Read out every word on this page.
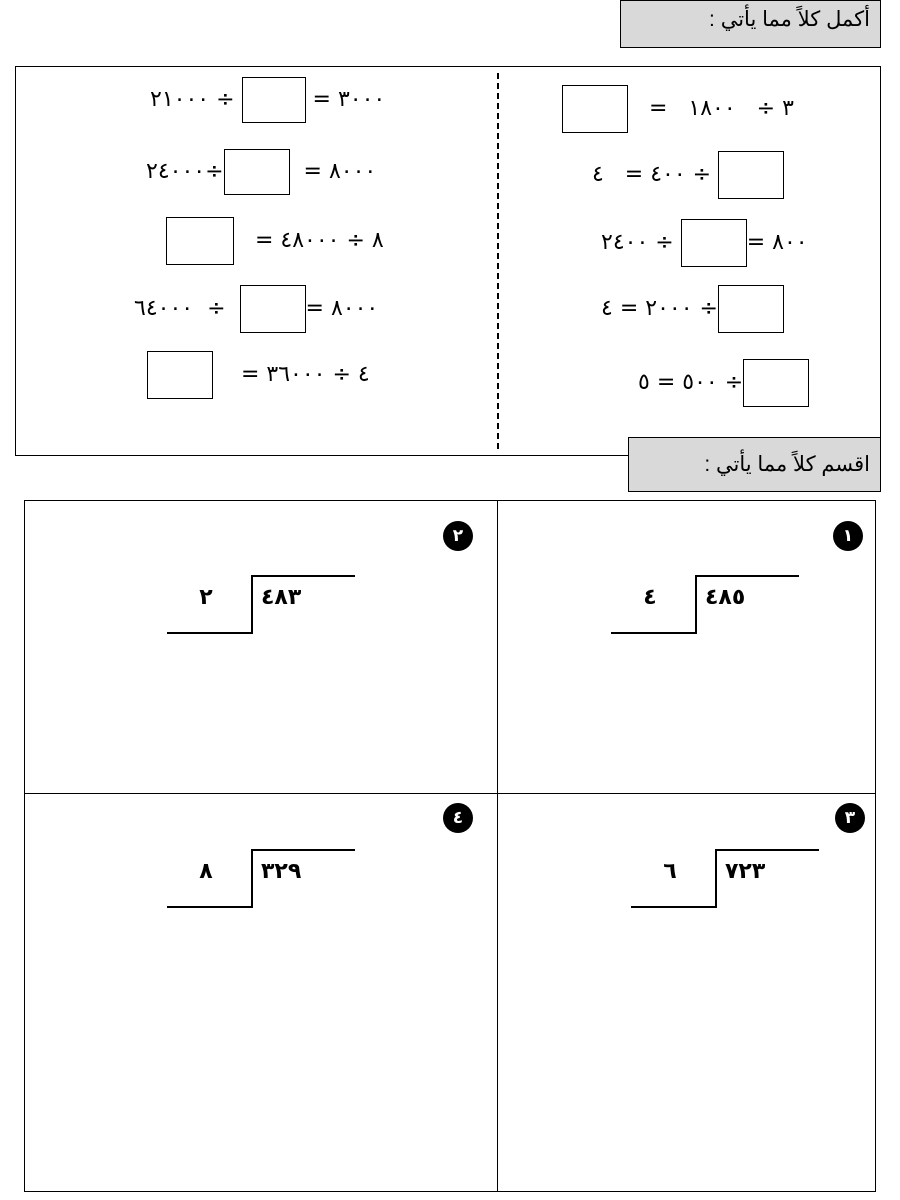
أكمل كلاً مما يأتي :
٣٠٠٠ =  ÷ ٢١٠٠٠
٨٠٠٠ =  ÷٢٤٠٠٠
=	٨ ÷ ٤٨٠٠٠
٨٠٠٠ =  ÷  ٦٤٠٠٠
=	٤ ÷ ٣٦٠٠٠
=	٣ ÷   ١٨٠٠
٤٠٠ =   ٤	÷
٨٠٠ = ÷ ٢٤٠٠
٢٠٠٠ = ٤	÷
٥٠٠ = ٥	÷
اقسم كلاً مما يأتي :
١
٤	٤٨٥
٢
٢	٤٨٣
٣
٦	٧٢٣
٤
٨	٣٢٩
